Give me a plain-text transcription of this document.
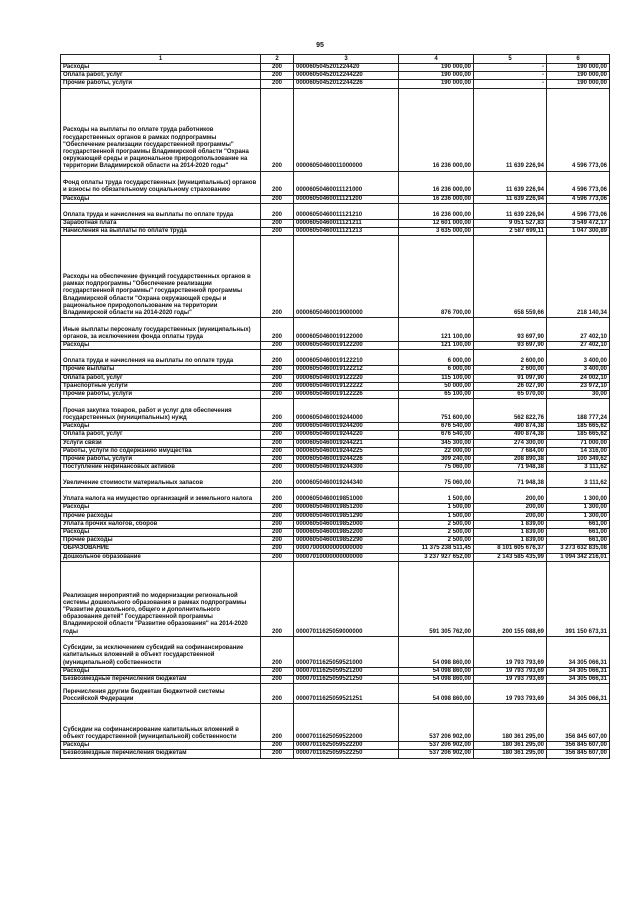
95
1	2	3	4	5	6
Расходы	200	0000605045201224420	190 000,00	-	190 000,00
Оплата работ, услуг	200	00006050452012244220	190 000,00	-	190 000,00
Прочие работы, услуги	200	00006050452012244226	190 000,00	-	190 000,00
Расходы на выплаты по оплате труда работников государственных органов в рамках подпрограммы "Обеспечение реализации государственной программы" государственной программы Владимирской области "Охрана окружающей среды и рациональное природопользование на территории Владимирской области на 2014-2020 годы"	200	00006050460011000000	16 236 000,00	11 639 226,94	4 596 773,06
Фонд оплаты труда государственных (муниципальных) органов и взносы по обязательному социальному страхованию	200	00006050460011121000	16 236 000,00	11 639 226,94	4 596 773,06
Расходы	200	00006050460011121200	16 236 000,00	11 639 226,94	4 596 773,06
Оплата труда и начисления на выплаты по оплате труда	200	00006050460011121210	16 236 000,00	11 639 226,94	4 596 773,06
Заработная плата	200	00006050460011121211	12 601 000,00	9 051 527,83	3 549 472,17
Начисления на выплаты по оплате труда	200	00006050460011121213	3 635 000,00	2 587 699,11	1 047 300,89
Расходы на обеспечение функций государственных органов в рамках подпрограммы "Обеспечение реализации государственной программы" государственной программы Владимирской области "Охрана окружающей среды и рациональное природопользование на территории Владимирской области на 2014-2020 годы"	200	00006050460019000000	876 700,00	658 559,66	218 140,34
Иные выплаты персоналу государственных (муниципальных) органов, за исключением фонда оплаты труда	200	00006050460019122000	121 100,00	93 697,90	27 402,10
Расходы	200	00006050460019122200	121 100,00	93 697,90	27 402,10
Оплата труда и начисления на выплаты по оплате труда	200	00006050460019122210	6 000,00	2 600,00	3 400,00
Прочие выплаты	200	00006050460019122212	6 000,00	2 600,00	3 400,00
Оплата работ, услуг	200	00006050460019122220	115 100,00	91 097,90	24 002,10
Транспортные услуги	200	00006050460019122222	50 000,00	26 027,90	23 972,10
Прочие работы, услуги	200	00006050460019122226	65 100,00	65 070,00	30,00
Прочая закупка товаров, работ и услуг для обеспечения государственных (муниципальных) нужд	200	00006050460019244000	751 600,00	562 822,76	188 777,24
Расходы	200	00006050460019244200	676 540,00	490 874,38	185 665,62
Оплата работ, услуг	200	00006050460019244220	676 540,00	490 874,38	185 665,62
Услуги связи	200	00006050460019244221	345 300,00	274 300,00	71 000,00
Работы, услуги по содержанию имущества	200	00006050460019244225	22 000,00	7 684,00	14 316,00
Прочие работы, услуги	200	00006050460019244226	309 240,00	208 890,38	100 349,62
Поступление нефинансовых активов	200	00006050460019244300	75 060,00	71 948,38	3 111,62
Увеличение стоимости материальных запасов	200	00006050460019244340	75 060,00	71 948,38	3 111,62
Уплата налога на имущество организаций и земельного налога	200	00006050460019851000	1 500,00	200,00	1 300,00
Расходы	200	00006050460019851200	1 500,00	200,00	1 300,00
Прочие расходы	200	00006050460019851290	1 500,00	200,00	1 300,00
Уплата прочих налогов, сборов	200	00006050460019852000	2 500,00	1 839,00	661,00
Расходы	200	00006050460019852200	2 500,00	1 839,00	661,00
Прочие расходы	200	00006050460019852290	2 500,00	1 839,00	661,00
ОБРАЗОВАНИЕ	200	00007000000000000000	11 375 238 511,45	8 101 605 676,37	3 273 632 835,08
Дошкольное образование	200	00007010000000000000	3 237 927 652,00	2 143 585 435,99	1 094 342 216,01
Реализация мероприятий по модернизации региональной системы дошкольного образования в рамках подпрограммы "Развитие дошкольного, общего и дополнительного образования детей" Государственной программы Владимирской области "Развитие образования" на 2014-2020 годы	200	00007011625059000000	591 305 762,00	200 155 088,69	391 150 673,31
Субсидии, за исключением субсидий на софинансирование капитальных вложений в объект государственной (муниципальной) собственности	200	00007011625059521000	54 098 860,00	19 793 793,69	34 305 066,31
Расходы	200	00007011625059521200	54 098 860,00	19 793 793,69	34 305 066,31
Безвозмездные перечисления бюджетам	200	00007011625059521250	54 098 860,00	19 793 793,69	34 305 066,31
Перечисления другим бюджетам бюджетной системы Российской Федерации	200	00007011625059521251	54 098 860,00	19 793 793,69	34 305 066,31
Субсидии на софинансирование капитальных вложений в объект государственной (муниципальной) собственности	200	00007011625059522000	537 206 902,00	180 361 295,00	356 845 607,00
Расходы	200	00007011625059522200	537 206 902,00	180 361 295,00	356 845 607,00
Безвозмездные перечисления бюджетам	200	00007011625059522250	537 206 902,00	180 361 295,00	356 845 607,00
